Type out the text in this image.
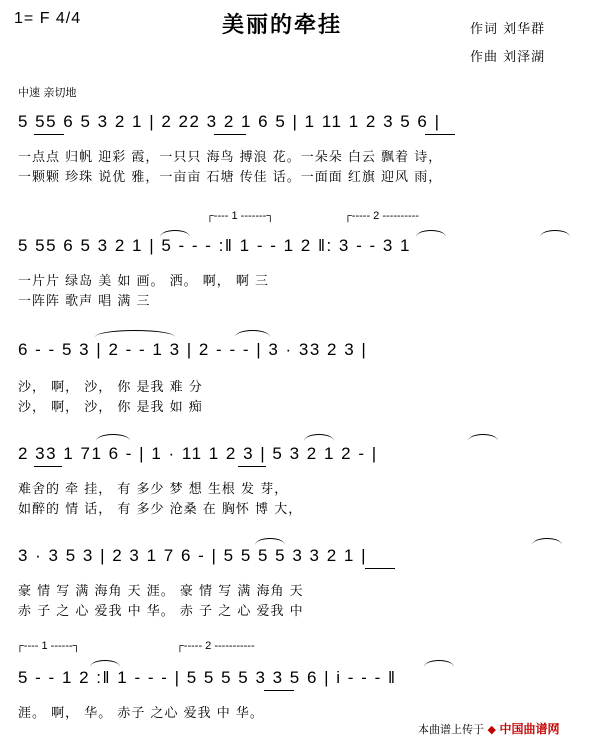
1= F 4/4	美丽的牵挂	作词 刘华群
作曲 刘泽湖
中速 亲切地
5 55 6 5 3 2 1 | 2 22 3 2 1 6 5 | 1 11 1 2 3 5 6 |
一点点 归帆 迎彩 霞，一只只 海鸟 搏浪 花。一朵朵 白云 飘着 诗，
一颗颗 珍珠 说优 雅，一亩亩 石塘 传佳 话。一面面 红旗 迎风 雨，
┌---- 1 -------┐	┌----- 2 ----------
5 55 6 5 3 2 1 | 5 - - - :‖ 1 - - 1 2 ‖: 3 - - 3 1
一片片 绿岛 美 如 画。 洒。 啊， 啊 三
一阵阵 歌声 唱 满 三
6 - - 5 3 | 2 - - 1 3 | 2 - - - | 3 · 33 2 3 |
沙， 啊， 沙， 你 是我 难 分
沙， 啊， 沙， 你 是我 如 痴
2 33 1 71 6 - | 1 · 11 1 2 3 | 5 3 2 1 2 - |
难舍的 牵 挂， 有 多少 梦 想 生根 发 芽，
如醉的 情 话， 有 多少 沧桑 在 胸怀 博 大，
3 · 3 5 3 | 2 3 1 7 6 - | 5 5 5 5 3 3 2 1 |
豪 情 写 满 海角 天 涯。 豪 情 写 满 海角 天
赤 子 之 心 爱我 中 华。 赤 子 之 心 爱我 中
┌---- 1 ------┐	┌----- 2 -----------
5 - - 1 2 :‖ 1 - - - | 5 5 5 5 3 3 5 6 | i - - - ‖
涯。 啊， 华。 赤子 之心 爱我 中 华。
本曲谱上传于 ◆ 中国曲谱网
